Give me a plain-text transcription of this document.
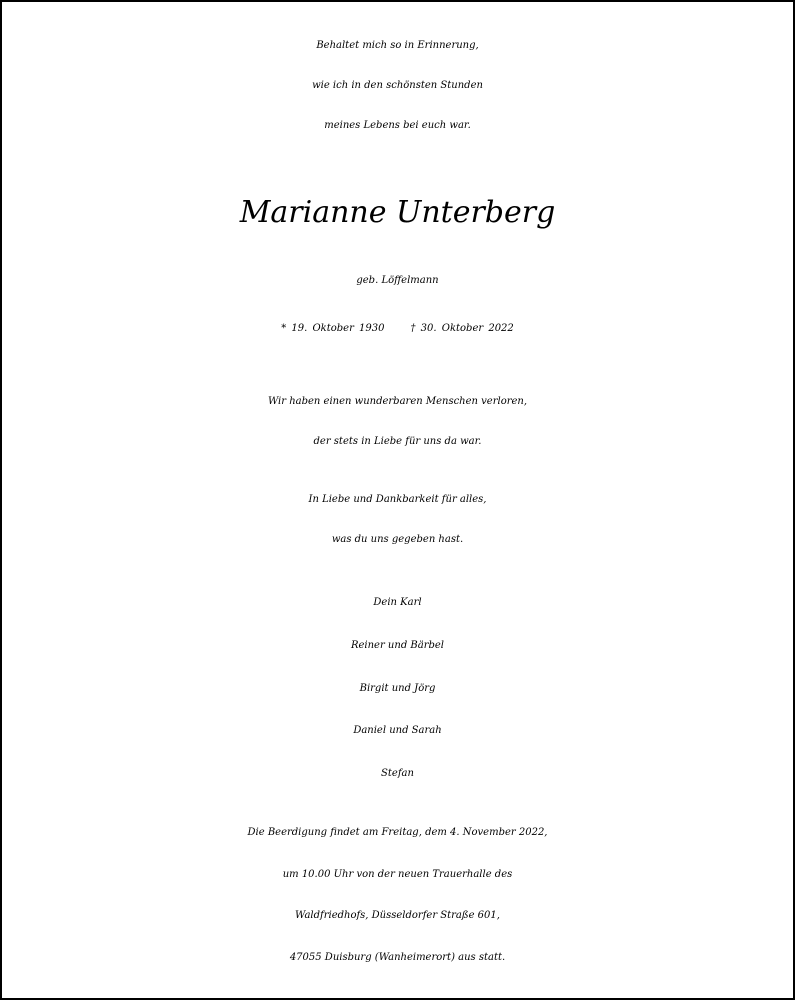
Behaltet mich so in Erinnerung,
wie ich in den schönsten Stunden
meines Lebens bei euch war.
Marianne Unterberg
geb. Löffelmann
* 19. Oktober 1930	† 30. Oktober 2022
Wir haben einen wunderbaren Menschen verloren,
der stets in Liebe für uns da war.
In Liebe und Dankbarkeit für alles,
was du uns gegeben hast.
Dein Karl
Reiner und Bärbel
Birgit und Jörg
Daniel und Sarah
Stefan
Die Beerdigung findet am Freitag, dem 4. November 2022,
um 10.00 Uhr von der neuen Trauerhalle des
Waldfriedhofs, Düsseldorfer Straße 601,
47055 Duisburg (Wanheimerort) aus statt.
